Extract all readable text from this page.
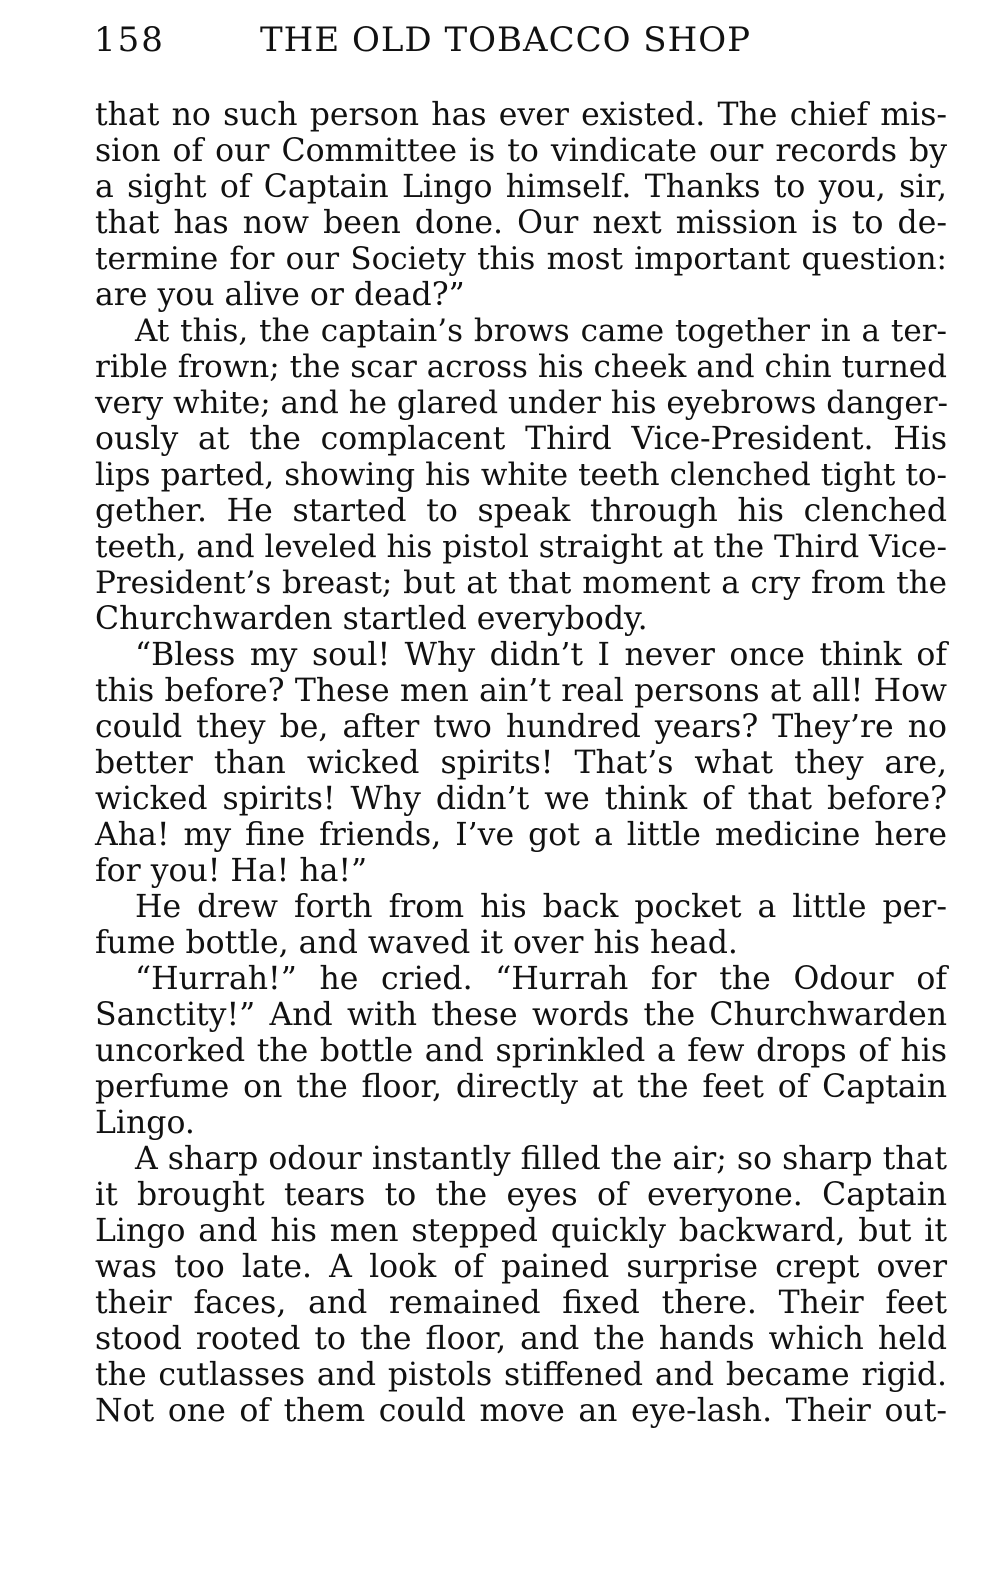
158	THE OLD TOBACCO SHOP
that no such person has ever existed. The chief mis-
sion of our Committee is to vindicate our records by
a sight of Captain Lingo himself. Thanks to you, sir,
that has now been done. Our next mission is to de-
termine for our Society this most important question:
are you alive or dead?”
At this, the captain’s brows came together in a ter-
rible frown; the scar across his cheek and chin turned
very white; and he glared under his eyebrows danger-
ously at the complacent Third Vice-President. His
lips parted, showing his white teeth clenched tight to-
gether. He started to speak through his clenched
teeth, and leveled his pistol straight at the Third Vice-
President’s breast; but at that moment a cry from the
Churchwarden startled everybody.
“Bless my soul! Why didn’t I never once think of
this before? These men ain’t real persons at all! How
could they be, after two hundred years? They’re no
better than wicked spirits! That’s what they are,
wicked spirits! Why didn’t we think of that before?
Aha! my fine friends, I’ve got a little medicine here
for you! Ha! ha!”
He drew forth from his back pocket a little per-
fume bottle, and waved it over his head.
“Hurrah!” he cried. “Hurrah for the Odour of
Sanctity!” And with these words the Churchwarden
uncorked the bottle and sprinkled a few drops of his
perfume on the floor, directly at the feet of Captain
Lingo.
A sharp odour instantly filled the air; so sharp that
it brought tears to the eyes of everyone. Captain
Lingo and his men stepped quickly backward, but it
was too late. A look of pained surprise crept over
their faces, and remained fixed there. Their feet
stood rooted to the floor, and the hands which held
the cutlasses and pistols stiffened and became rigid.
Not one of them could move an eye-lash. Their out-
